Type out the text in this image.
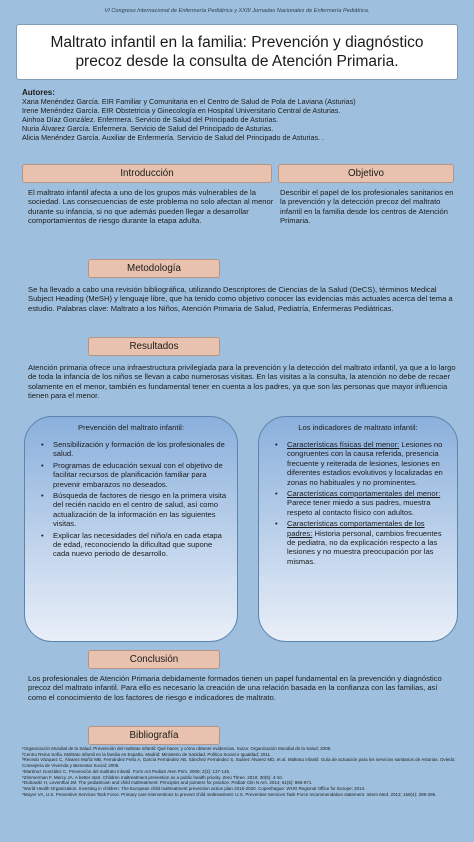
VI Congreso Internacional de Enfermería Pediátrica y XXIII Jornadas Nacionales de Enfermería Pediátrica.
Maltrato infantil en la familia: Prevención y diagnóstico precoz desde la consulta de Atención Primaria.
Autores:
Xana Menéndez García. EIR Familiar y Comunitaria en el Centro de Salud de Pola de Laviana (Asturias)
Irene Menéndez García. EIR Obstetricia y Ginecología en Hospital Universitario Central de Asturias.
Ainhoa Díaz González. Enfermera. Servicio de Salud del Principado de Asturias.
Nuria Álvarez García. Enfermera. Servicio de Salud del Principado de Asturias.
Alicia Menéndez García. Auxiliar de Enfermería. Servicio de Salud del Principado de Asturias. .
Introducción
El maltrato infantil afecta a uno de los grupos más vulnerables de la sociedad. Las consecuencias de este problema no solo afectan al menor durante su infancia, si no que además pueden llegar a desarrollar comportamientos de riesgo durante la etapa adulta.
Objetivo
Describir el papel de los profesionales sanitarios en la prevención y la detección precoz del maltrato infantil en la familia desde los centros de Atención Primaria.
Metodología
Se ha llevado a cabo una revisión bibliográfica, utilizando Descriptores de Ciencias de la Salud (DeCS), términos Medical Subject Heading (MeSH) y lenguaje libre, que ha tenido como objetivo conocer las evidencias más actuales acerca del tema a estudio. Palabras clave: Maltrato a los Niños, Atención Primaria de Salud, Pediatría, Enfermeras Pediátricas.
Resultados
Atención primaria ofrece una infraestructura privilegiada para la prevención y la detección del maltrato infantil, ya que a lo largo de toda la infancia de los niños se llevan a cabo numerosas visitas. En las visitas a la consulta, la atención no debe de recaer solamente en el menor, también es fundamental tener en cuenta a los padres, ya que son las personas que mayor influencia tienen para el menor.
Prevención del maltrato infantil:
• Sensibilización y formación de los profesionales de salud.
• Programas de educación sexual con el objetivo de facilitar recursos de planificación familiar para prevenir embarazos no deseados.
• Búsqueda de factores de riesgo en la primera visita del recién nacido en el centro de salud, así como actualización de la información en las siguientes visitas.
• Explicar las necesidades del niño/a en cada etapa de edad, reconociendo la dificultad que supone cada nuevo periodo de desarrollo.
Los indicadores de maltrato infantil:
• Características físicas del menor: Lesiones no congruentes con la causa referida, presencia frecuente y reiterada de lesiones, lesiones en diferentes estadios evolutivos y localizadas en zonas no habituales y no prominentes.
• Características comportamentales del menor: Parece tener miedo a sus padres, muestra respeto al contacto físico con adultos.
• Características comportamentales de los padres: Historia personal, cambios frecuentes de pediatra, no da explicación respecto a las lesiones y no muestra preocupación por las mismas.
Conclusión
Los profesionales de Atención Primaria debidamente formados tienen un papel fundamental en la prevención y diagnóstico precoz del maltrato infantil. Para ello es necesario la creación de una relación basada en la confianza con las familias, así como el conocimiento de los factores de riesgo e indicadores de maltrato.
Bibliografía
¹Organización Mundial de la Salud. Prevención del maltrato infantil: Qué hacer, y cómo obtener evidencias. Suiza: Organización Mundial de la Salud; 2009.
²Centro Reina Sofía. Maltrato infantil en la familia en España. Madrid: Ministerio de Sanidad, Política Social e Igualdad; 2011.
³Recedo Vázquez C, Álvarez Muñiz MB, Fernández Feito A, García Fernández AB, Sánchez Fernández S, Suárez Álvarez MD, et al. Maltrato infantil. Guía de actuación para los servicios sanitarios de Asturias. Oviedo: Consejería de Vivienda y Bienestar Social; 2006.
⁴Martínez González C. Prevención del maltrato infantil. Form Act Pediatr Aten Prim. 2009; 2(3): 137-145.
⁵Zimmerman F, Mercy JA. A better start. Children maltreatment prevention as a public health priority. Zero Three. 2010; 30(5): 4-10.
⁶Dubowitz H, Leventhal JM. The pediatrician and child maltreatment: Principles and pointers for practice. Pediatr Clin N Am. 2014; 61(5): 865-871.
⁷World Health Organization. Investing in children: The European child maltreatment prevention action plan 2015-2020. Copenhague: WHO Regional Office for Europe; 2014.
⁸Moyer VA, U.S. Preventive Services Task Force. Primary care interventions to prevent child maltreatment: U.S. Preventive Services Task Force recommendation statement. Intern Med. 2013; 159(4): 289-295.
